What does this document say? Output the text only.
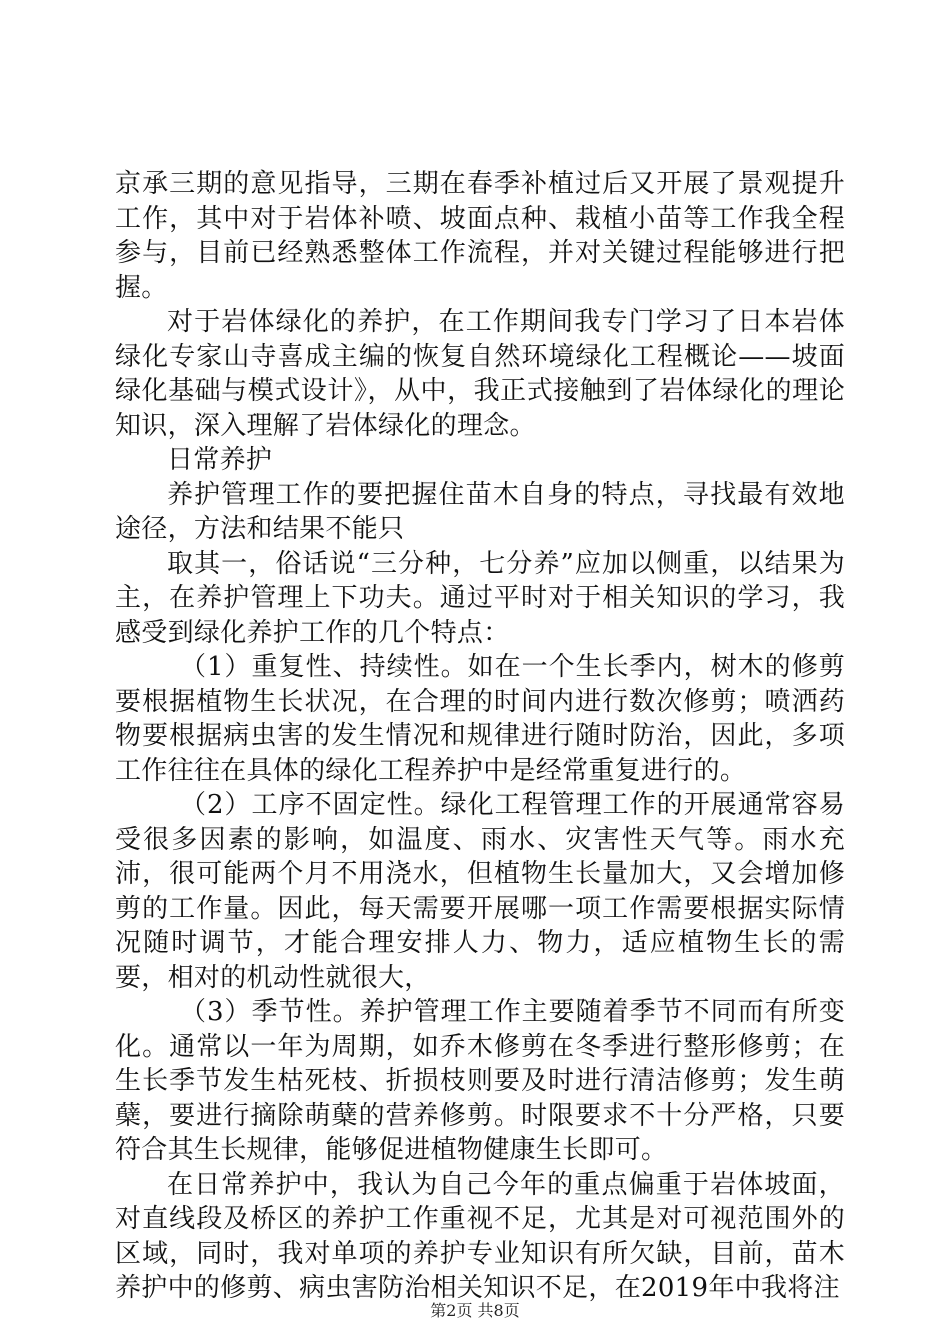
京承三期的意见指导，三期在春季补植过后又开展了景观提升工作，其中对于岩体补喷、坡面点种、栽植小苗等工作我全程参与，目前已经熟悉整体工作流程，并对关键过程能够进行把握。

对于岩体绿化的养护，在工作期间我专门学习了日本岩体绿化专家山寺喜成主编的恢复自然环境绿化工程概论——坡面绿化基础与模式设计》，从中，我正式接触到了岩体绿化的理论知识，深入理解了岩体绿化的理念。

日常养护

养护管理工作的要把握住苗木自身的特点，寻找最有效地途径，方法和结果不能只

取其一，俗话说“三分种，七分养”应加以侧重，以结果为主，在养护管理上下功夫。通过平时对于相关知识的学习，我感受到绿化养护工作的几个特点：

（1）重复性、持续性。如在一个生长季内，树木的修剪要根据植物生长状况，在合理的时间内进行数次修剪；喷洒药物要根据病虫害的发生情况和规律进行随时防治，因此，多项工作往往在具体的绿化工程养护中是经常重复进行的。

（2）工序不固定性。绿化工程管理工作的开展通常容易受很多因素的影响，如温度、雨水、灾害性天气等。雨水充沛，很可能两个月不用浇水，但植物生长量加大，又会增加修剪的工作量。因此，每天需要开展哪一项工作需要根据实际情况随时调节，才能合理安排人力、物力，适应植物生长的需要，相对的机动性就很大，

（3）季节性。养护管理工作主要随着季节不同而有所变化。通常以一年为周期，如乔木修剪在冬季进行整形修剪；在生长季节发生枯死枝、折损枝则要及时进行清洁修剪；发生萌蘖，要进行摘除萌蘖的营养修剪。时限要求不十分严格，只要符合其生长规律，能够促进植物健康生长即可。

在日常养护中，我认为自己今年的重点偏重于岩体坡面，对直线段及桥区的养护工作重视不足，尤其是对可视范围外的区域，同时，我对单项的养护专业知识有所欠缺，目前，苗木养护中的修剪、病虫害防治相关知识不足，在2019年中我将注

第2页 共8页
